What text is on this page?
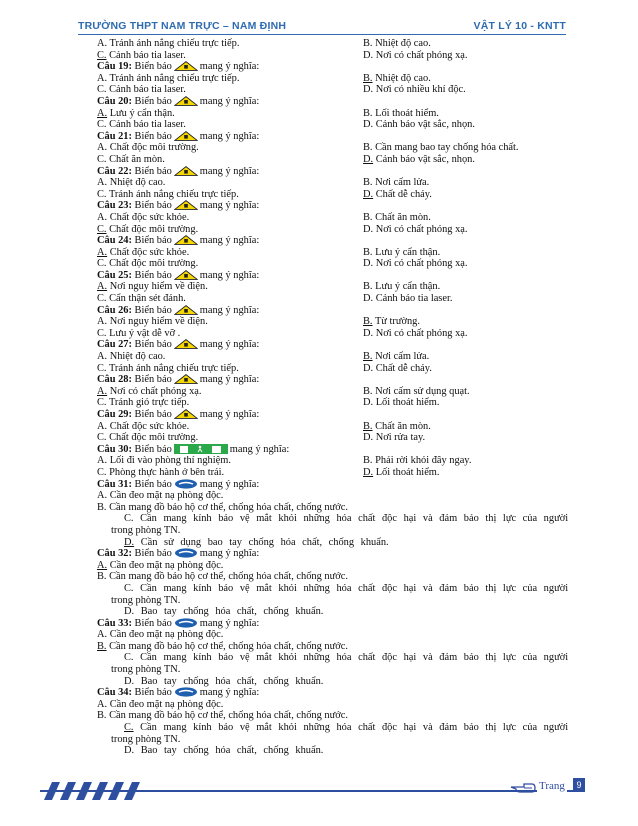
TRƯỜNG THPT NAM TRỰC – NAM ĐỊNH	VẬT LÝ 10 - KNTT
A. Tránh ánh nắng chiếu trực tiếp.	B. Nhiệt độ cao.
C. Cảnh báo tia laser.	D. Nơi có chất phóng xạ.
Câu 19: Biển báo	mang ý nghĩa:
A. Tránh ánh nắng chiếu trực tiếp.	B. Nhiệt độ cao.
C. Cảnh báo tia laser.	D. Nơi có nhiều khí độc.
Câu 20: Biển báo	mang ý nghĩa:
A. Lưu ý cẩn thận.	B. Lối thoát hiểm.
C. Cảnh báo tia laser.	D. Cảnh báo vật sắc, nhọn.
Câu 21: Biển báo	mang ý nghĩa:
A. Chất độc môi trường.	B. Cần mang bao tay chống hóa chất.
C. Chất ăn mòn.	D. Cảnh báo vật sắc, nhọn.
Câu 22: Biển báo	mang ý nghĩa:
A. Nhiệt độ cao.	B. Nơi cấm lửa.
C. Tránh ánh nắng chiếu trực tiếp.	D. Chất dễ cháy.
Câu 23: Biển báo	mang ý nghĩa:
A. Chất độc sức khỏe.	B. Chất ăn mòn.
C. Chất độc môi trường.	D. Nơi có chất phóng xạ.
Câu 24: Biển báo	mang ý nghĩa:
A. Chất độc sức khỏe.	B. Lưu ý cẩn thận.
C. Chất độc môi trường.	D. Nơi có chất phóng xạ.
Câu 25: Biển báo	mang ý nghĩa:
A. Nơi nguy hiểm về điện.	B. Lưu ý cẩn thận.
C. Cẩn thận sét đánh.	D. Cảnh báo tia laser.
Câu 26: Biển báo	mang ý nghĩa:
A. Nơi nguy hiểm về điện.	B. Từ trường.
C. Lưu ý vật dễ vỡ .	D. Nơi có chất phóng xạ.
Câu 27: Biển báo	mang ý nghĩa:
A. Nhiệt độ cao.	B. Nơi cấm lửa.
C. Tránh ánh nắng chiếu trực tiếp.	D. Chất dễ cháy.
Câu 28: Biển báo	mang ý nghĩa:
A. Nơi có chất phóng xạ.	B. Nơi cấm sử dụng quạt.
C. Tránh gió trực tiếp.	D. Lối thoát hiểm.
Câu 29: Biển báo	mang ý nghĩa:
A. Chất độc sức khỏe.	B. Chất ăn mòn.
C. Chất độc môi trường.	D. Nơi rửa tay.
Câu 30: Biển báo	mang ý nghĩa:
A. Lối đi vào phòng thí nghiệm.	B. Phải rời khỏi đây ngay.
C. Phòng thực hành ở bên trái.	D. Lối thoát hiểm.
Câu 31: Biển báo	mang ý nghĩa:
A. Cần đeo mặt nạ phòng độc.
B. Cần mang đồ bảo hộ cơ thể, chống hóa chất, chống nước.
C. Cần mang kính bảo vệ mắt khỏi những hóa chất độc hại và đảm bảo thị lực của người
trong phòng TN.
D. Cần sử dụng bao tay chống hóa chất, chống khuẩn.
Câu 32: Biển báo	mang ý nghĩa:
A. Cần đeo mặt nạ phòng độc.
B. Cần mang đồ bảo hộ cơ thể, chống hóa chất, chống nước.
C. Cần mang kính bảo vệ mắt khỏi những hóa chất độc hại và đảm bảo thị lực của người
trong phòng TN.
D. Bao tay chống hóa chất, chống khuẩn.
Câu 33: Biển báo	mang ý nghĩa:
A. Cần đeo mặt nạ phòng độc.
B. Cần mang đồ bảo hộ cơ thể, chống hóa chất, chống nước.
C. Cần mang kính bảo vệ mắt khỏi những hóa chất độc hại và đảm bảo thị lực của người
trong phòng TN.
D. Bao tay chống hóa chất, chống khuẩn.
Câu 34: Biển báo	mang ý nghĩa:
A. Cần đeo mặt nạ phòng độc.
B. Cần mang đồ bảo hộ cơ thể, chống hóa chất, chống nước.
C. Cần mang kính bảo vệ mắt khỏi những hóa chất độc hại và đảm bảo thị lực của người
trong phòng TN.
D. Bao tay chống hóa chất, chống khuẩn.
Trang	9
